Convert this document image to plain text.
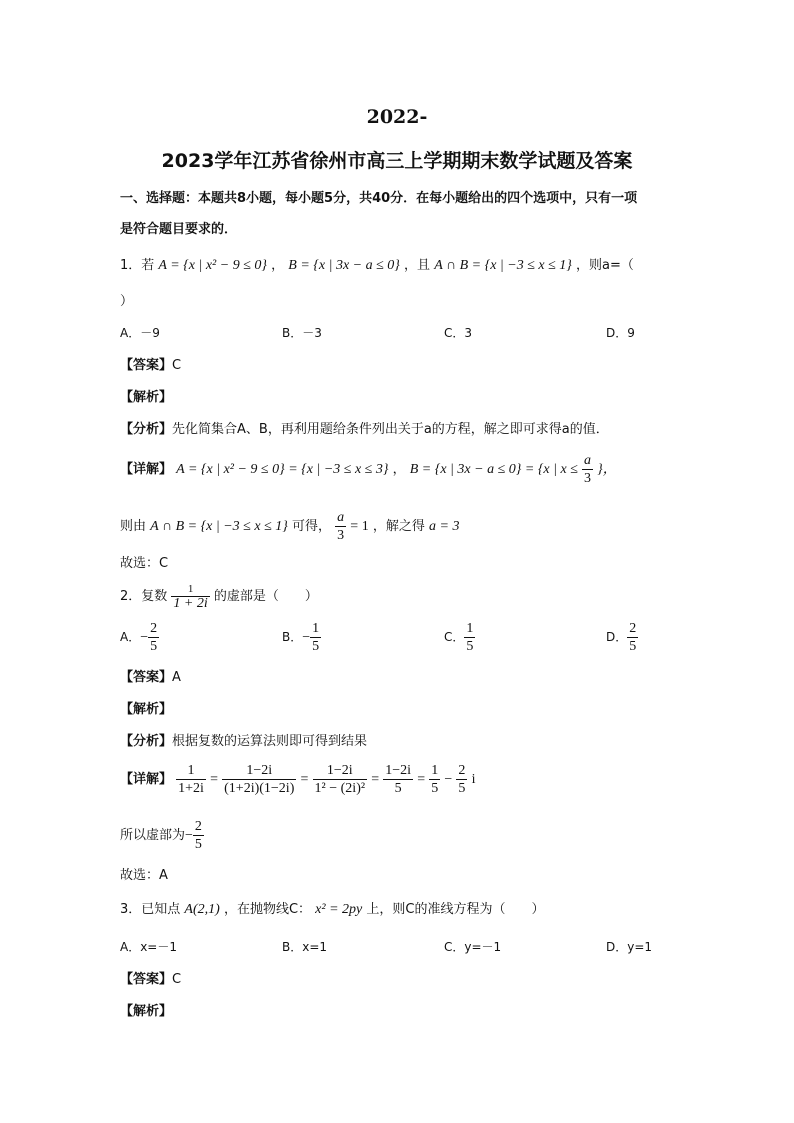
2022-
2023学年江苏省徐州市高三上学期期末数学试题及答案
一、选择题：本题共8小题，每小题5分，共40分．在每小题给出的四个选项中，只有一项
是符合题目要求的．
1．若 A = {x | x² − 9 ≤ 0} ， B = {x | 3x − a ≤ 0} ，且 A ∩ B = {x | −3 ≤ x ≤ 1} ，则a=（
）
A．－9	B．－3	C．3	D．9
【答案】C
【解析】
【分析】先化简集合A、B，再利用题给条件列出关于a的方程，解之即可求得a的值．
【详解】 A = {x | x² − 9 ≤ 0} = {x | −3 ≤ x ≤ 3} ， B = {x | 3x − a ≤ 0} = {x | $x \le \frac{a}{3}$ }，
则由 A ∩ B = {x | −3 ≤ x ≤ 1} 可得， $\frac{a}{3} = 1$ ，解之得 a = 3
故选：C
2．复数 $\frac{1}{1 + 2i}$ 的虚部是（　　）
A．− $\frac{2}{5}$	B．− $\frac{1}{5}$	C． $\frac{1}{5}$	D． $\frac{2}{5}$
【答案】A
【解析】
【分析】根据复数的运算法则即可得到结果
【详解】 $\frac{1}{1+2i} = \frac{1-2i}{(1+2i)(1-2i)} = \frac{1-2i}{\text{1² − (2i)²}} = \frac{1-2i}{5} = \frac{1}{5} - \frac{2}{5}$ i
所以虚部为− $\frac{2}{5}$
故选：A
3．已知点 A(2,1) ，在抛物线C： x² = 2py 上，则C的准线方程为（　　）
A．x=－1	B．x=1	C．y=－1	D．y=1
【答案】C
【解析】
